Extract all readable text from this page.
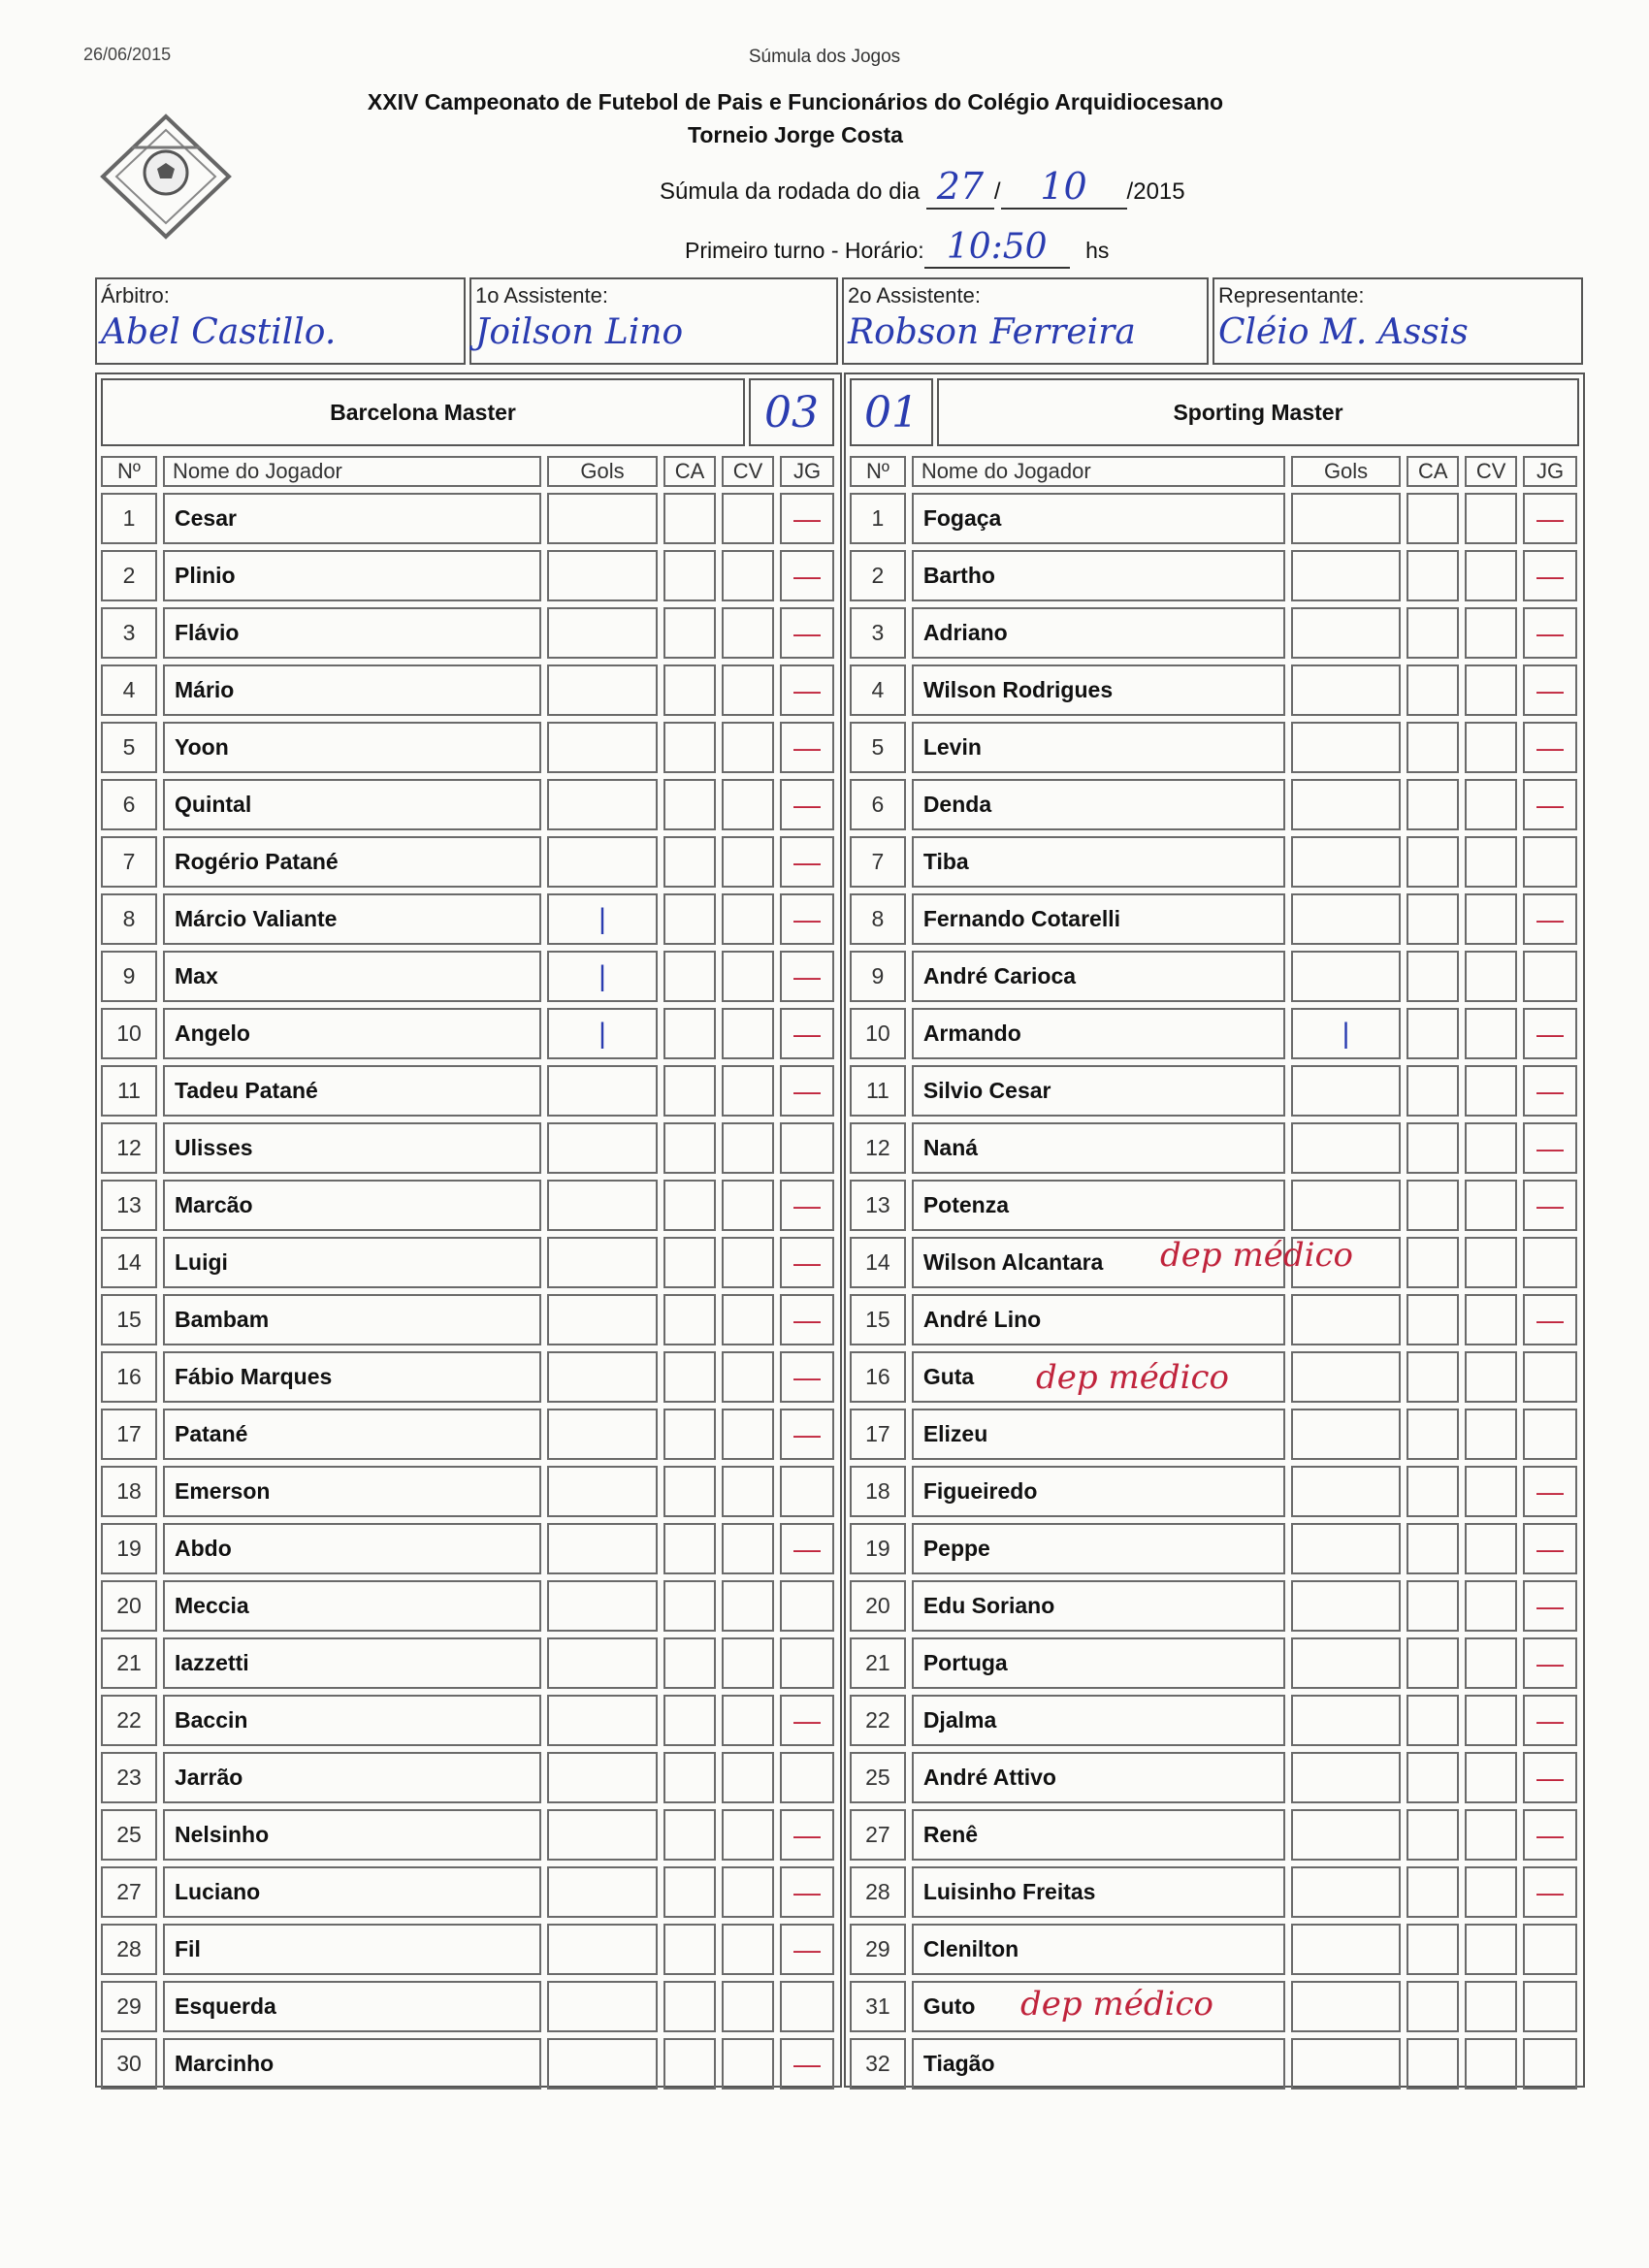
26/06/2015	Súmula dos Jogos
XXIV Campeonato de Futebol de Pais e Funcionários do Colégio Arquidiocesano
Torneio Jorge Costa
Súmula da rodada do dia 27 / 10 /2015
Primeiro turno - Horário: 10:50 hs
Árbitro:
Abel Castillo.
1o Assistente:
Joilson Lino
2o Assistente:
Robson Ferreira
Representante:
Cléio M. Assis
Barcelona Master	03
Nº	Nome do Jogador	Gols	CA	CV	JG
1	Cesar				—
2	Plinio				—
3	Flávio				—
4	Mário				—
5	Yoon				—
6	Quintal				—
7	Rogério Patané				—
8	Márcio Valiante	|			—
9	Max	|			—
10	Angelo	|			—
11	Tadeu Patané				—
12	Ulisses				
13	Marcão				—
14	Luigi				—
15	Bambam				—
16	Fábio Marques				—
17	Patané				—
18	Emerson				
19	Abdo				—
20	Meccia				
21	Iazzetti				
22	Baccin				—
23	Jarrão				
25	Nelsinho				—
27	Luciano				—
28	Fil				—
29	Esquerda				
30	Marcinho				—
01	Sporting Master
Nº	Nome do Jogador	Gols	CA	CV	JG
1	Fogaça				—
2	Bartho				—
3	Adriano				—
4	Wilson Rodrigues				—
5	Levin				—
6	Denda				—
7	Tiba				
8	Fernando Cotarelli				—
9	André Carioca				
10	Armando	|			—
11	Silvio Cesar				—
12	Naná				—
13	Potenza				—
14	Wilson Alcantara				
15	André Lino				—
16	Guta				
17	Elizeu				
18	Figueiredo				—
19	Peppe				—
20	Edu Soriano				—
21	Portuga				—
22	Djalma				—
25	André Attivo				—
27	Renê				—
28	Luisinho Freitas				—
29	Clenilton				
31	Guto				
32	Tiagão				
dep médico
dep médico
dep médico
